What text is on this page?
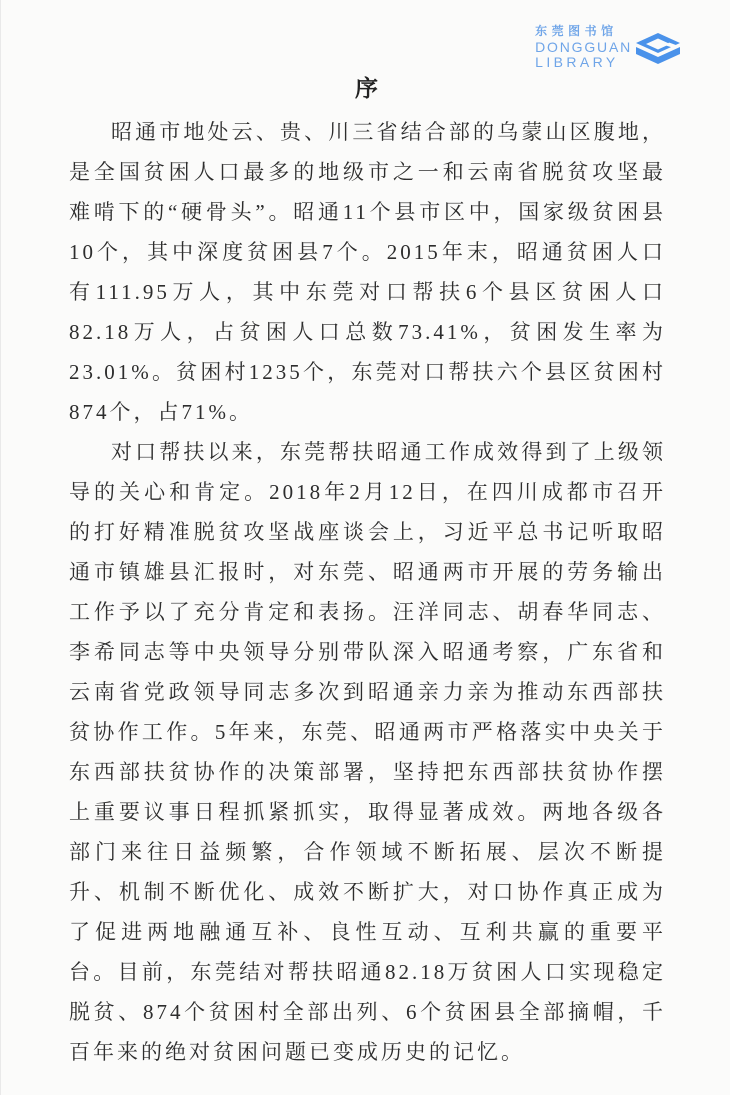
东莞图书馆
DONGGUAN
LIBRARY
序

昭通市地处云、贵、川三省结合部的乌蒙山区腹地，是全国贫困人口最多的地级市之一和云南省脱贫攻坚最难啃下的“硬骨头”。昭通11个县市区中，国家级贫困县10个，其中深度贫困县7个。2015年末，昭通贫困人口有111.95万人，其中东莞对口帮扶6个县区贫困人口82.18万人，占贫困人口总数73.41%，贫困发生率为23.01%。贫困村1235个，东莞对口帮扶六个县区贫困村874个，占71%。

对口帮扶以来，东莞帮扶昭通工作成效得到了上级领导的关心和肯定。2018年2月12日，在四川成都市召开的打好精准脱贫攻坚战座谈会上，习近平总书记听取昭通市镇雄县汇报时，对东莞、昭通两市开展的劳务输出工作予以了充分肯定和表扬。汪洋同志、胡春华同志、李希同志等中央领导分别带队深入昭通考察，广东省和云南省党政领导同志多次到昭通亲力亲为推动东西部扶贫协作工作。5年来，东莞、昭通两市严格落实中央关于东西部扶贫协作的决策部署，坚持把东西部扶贫协作摆上重要议事日程抓紧抓实，取得显著成效。两地各级各部门来往日益频繁，合作领域不断拓展、层次不断提升、机制不断优化、成效不断扩大，对口协作真正成为了促进两地融通互补、良性互动、互利共赢的重要平台。目前，东莞结对帮扶昭通82.18万贫困人口实现稳定脱贫、874个贫困村全部出列、6个贫困县全部摘帽，千百年来的绝对贫困问题已变成历史的记忆。
